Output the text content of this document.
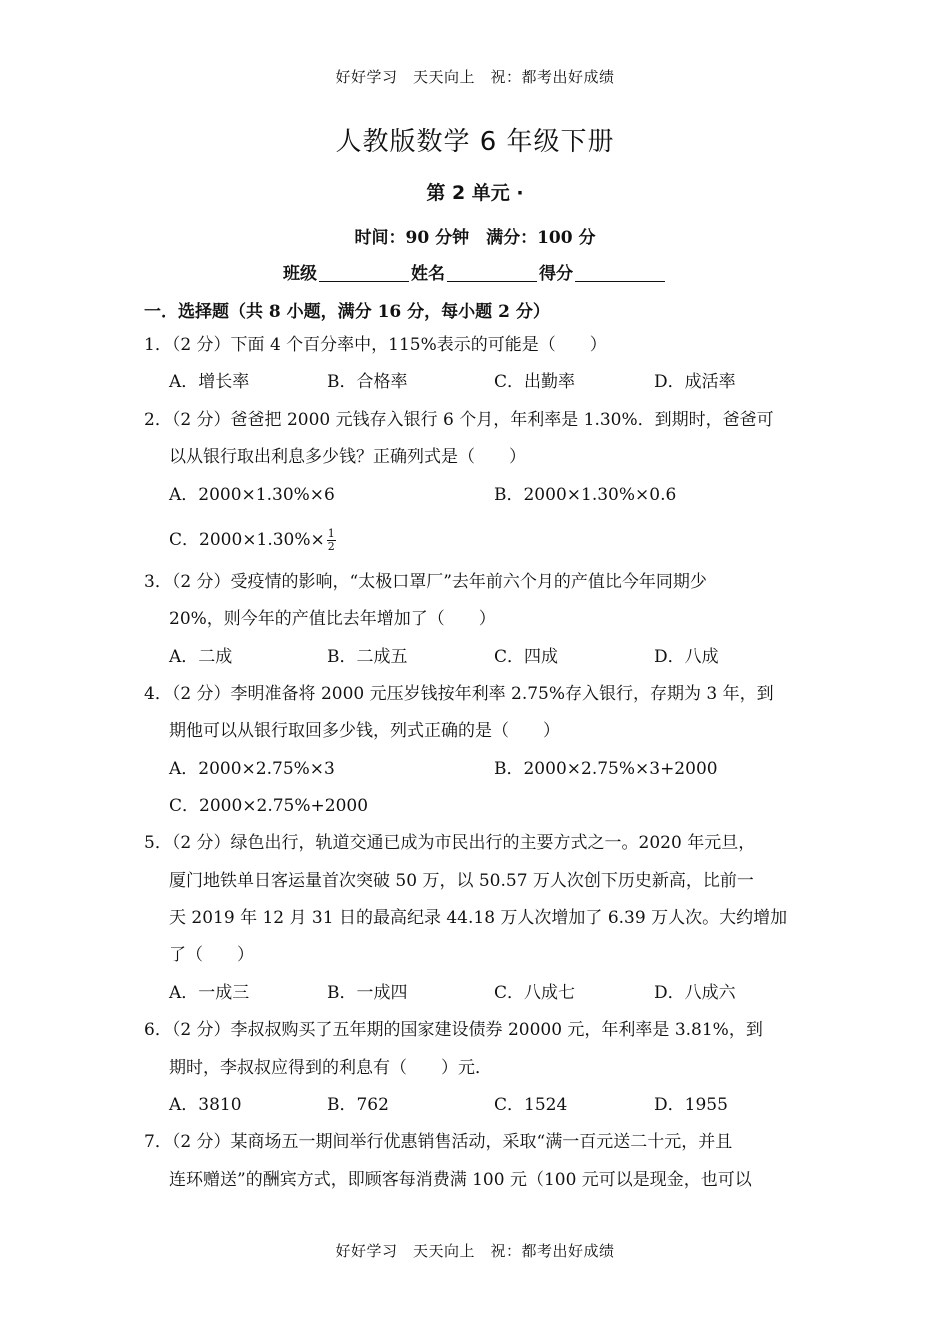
好好学习　天天向上　祝：都考出好成绩
人教版数学 6 年级下册
第 2 单元 ·
时间：90 分钟　满分：100 分
班级	姓名	得分
一．选择题（共 8 小题，满分 16 分，每小题 2 分）
1．（2 分）下面 4 个百分率中，115%表示的可能是（　　）
A．增长率	B．合格率	C．出勤率	D．成活率
2．（2 分）爸爸把 2000 元钱存入银行 6 个月，年利率是 1.30%．到期时，爸爸可
以从银行取出利息多少钱？正确列式是（　　）
A．2000×1.30%×6	B．2000×1.30%×0.6
C．$2000\times 1.30\%\times \frac{1}{2}$
3．（2 分）受疫情的影响，“太极口罩厂”去年前六个月的产值比今年同期少
20%，则今年的产值比去年增加了（　　）
A．二成	B．二成五	C．四成	D．八成
4．（2 分）李明准备将 2000 元压岁钱按年利率 2.75%存入银行，存期为 3 年，到
期他可以从银行取回多少钱，列式正确的是（　　）
A．2000×2.75%×3	B．2000×2.75%×3+2000
C．2000×2.75%+2000
5．（2 分）绿色出行，轨道交通已成为市民出行的主要方式之一。2020 年元旦，
厦门地铁单日客运量首次突破 50 万，以 50.57 万人次创下历史新高，比前一
天 2019 年 12 月 31 日的最高纪录 44.18 万人次增加了 6.39 万人次。大约增加
了（　　）
A．一成三	B．一成四	C．八成七	D．八成六
6．（2 分）李叔叔购买了五年期的国家建设债券 20000 元，年利率是 3.81%，到
期时，李叔叔应得到的利息有（　　）元．
A．3810	B．762	C．1524	D．1955
7．（2 分）某商场五一期间举行优惠销售活动，采取“满一百元送二十元，并且
连环赠送”的酬宾方式，即顾客每消费满 100 元（100 元可以是现金，也可以
好好学习　天天向上　祝：都考出好成绩
